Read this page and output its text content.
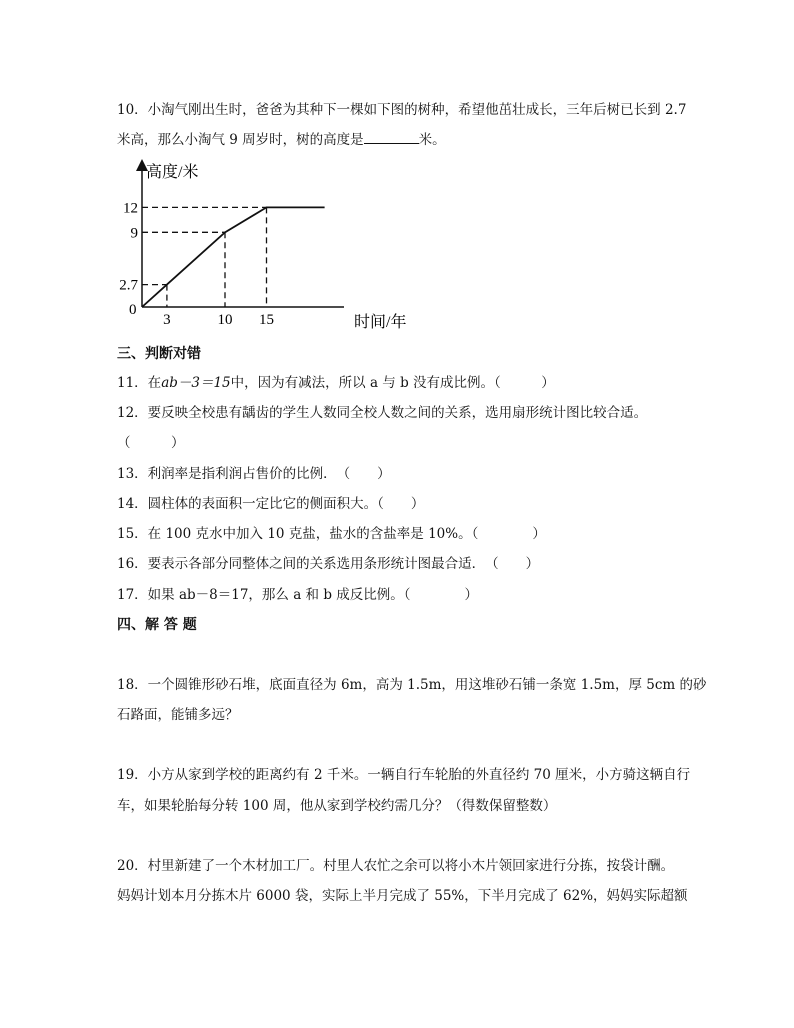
10．小淘气刚出生时，爸爸为其种下一棵如下图的树种，希望他茁壮成长，三年后树已长到 2.7
米高，那么小淘气 9 周岁时，树的高度是	米。
3	10 15
2.7
9
12
高度/米
时间/年
0
三、判断对错
11．在ab－3＝15中，因为有减法，所以 a 与 b 没有成比例。（　　　）
12．要反映全校患有龋齿的学生人数同全校人数之间的关系，选用扇形统计图比较合适。
（　　　）
13．利润率是指利润占售价的比例．　（　　）
14．圆柱体的表面积一定比它的侧面积大。（　　）
15．在 100 克水中加入 10 克盐，盐水的含盐率是 10%。（　　　　）
16．要表示各部分同整体之间的关系选用条形统计图最合适．　（　　）
17．如果 ab－8＝17，那么 a 和 b 成反比例。（　　　　）
四、解 答 题
18．一个圆锥形砂石堆，底面直径为 6m，高为 1.5m，用这堆砂石铺一条宽 1.5m，厚 5cm 的砂
石路面，能铺多远？
19．小方从家到学校的距离约有 2 千米。一辆自行车轮胎的外直径约 70 厘米，小方骑这辆自行
车，如果轮胎每分转 100 周，他从家到学校约需几分？（得数保留整数）
20．村里新建了一个木材加工厂。村里人农忙之余可以将小木片领回家进行分拣，按袋计酬。
妈妈计划本月分拣木片 6000 袋，实际上半月完成了 55%，下半月完成了 62%，妈妈实际超额
